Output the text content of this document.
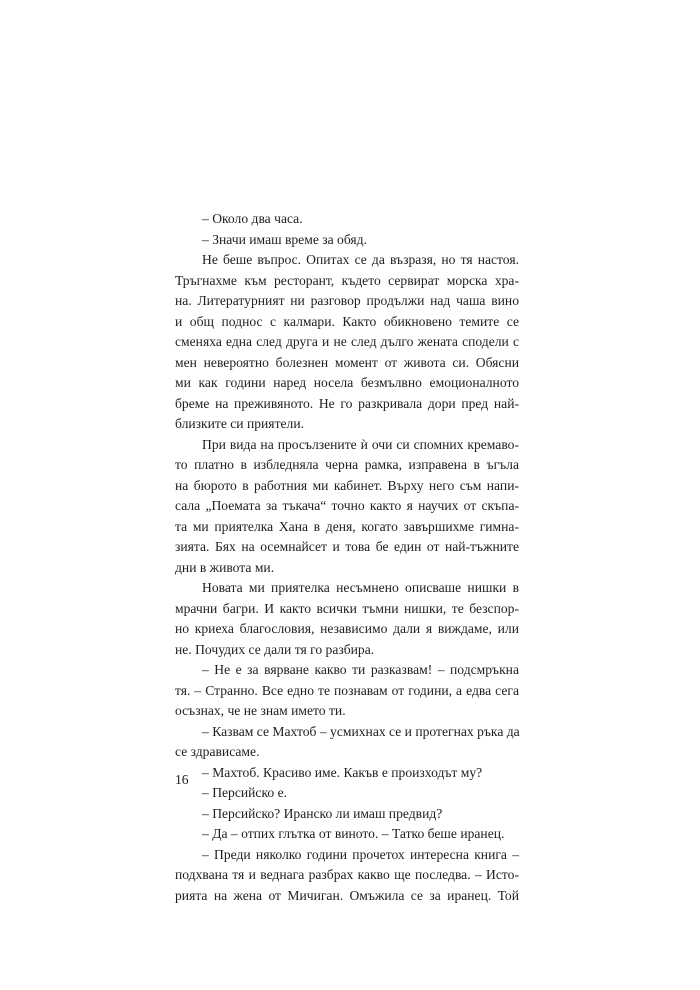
– Около два часа.
– Значи имаш време за обяд.
Не беше въпрос. Опитах се да възразя, но тя настоя.
Тръгнахме към ресторант, където сервират морска хра-
на. Литературният ни разговор продължи над чаша вино
и общ поднос с калмари. Както обикновено темите се
сменяха една след друга и не след дълго жената сподели с
мен невероятно болезнен момент от живота си. Обясни
ми как години наред носела безмълвно емоционалното
бреме на преживяното. Не го разкривала дори пред най-
близките си приятели.
При вида на просълзените ѝ очи си спомних кремаво-
то платно в избледняла черна рамка, изправена в ъгъла
на бюрото в работния ми кабинет. Върху него съм напи-
сала „Поемата за тъкача“ точно както я научих от скъпа-
та ми приятелка Хана в деня, когато завършихме гимна-
зията. Бях на осемнайсет и това бе един от най-тъжните
дни в живота ми.
Новата ми приятелка несъмнено описваше нишки в
мрачни багри. И както всички тъмни нишки, те безспор-
но криеха благословия, независимо дали я виждаме, или
не. Почудих се дали тя го разбира.
– Не е за вярване какво ти разказвам! – подсмръкна
тя. – Странно. Все едно те познавам от години, а едва сега
осъзнах, че не знам името ти.
– Казвам се Махтоб – усмихнах се и протегнах ръка да
се здрависаме.
– Махтоб. Красиво име. Какъв е произходът му?
– Персийско е.
– Персийско? Иранско ли имаш предвид?
– Да – отпих глътка от виното. – Татко беше иранец.
– Преди няколко години прочетох интересна книга –
подхвана тя и веднага разбрах какво ще последва. – Исто-
рията на жена от Мичиган. Омъжила се за иранец. Той
16
